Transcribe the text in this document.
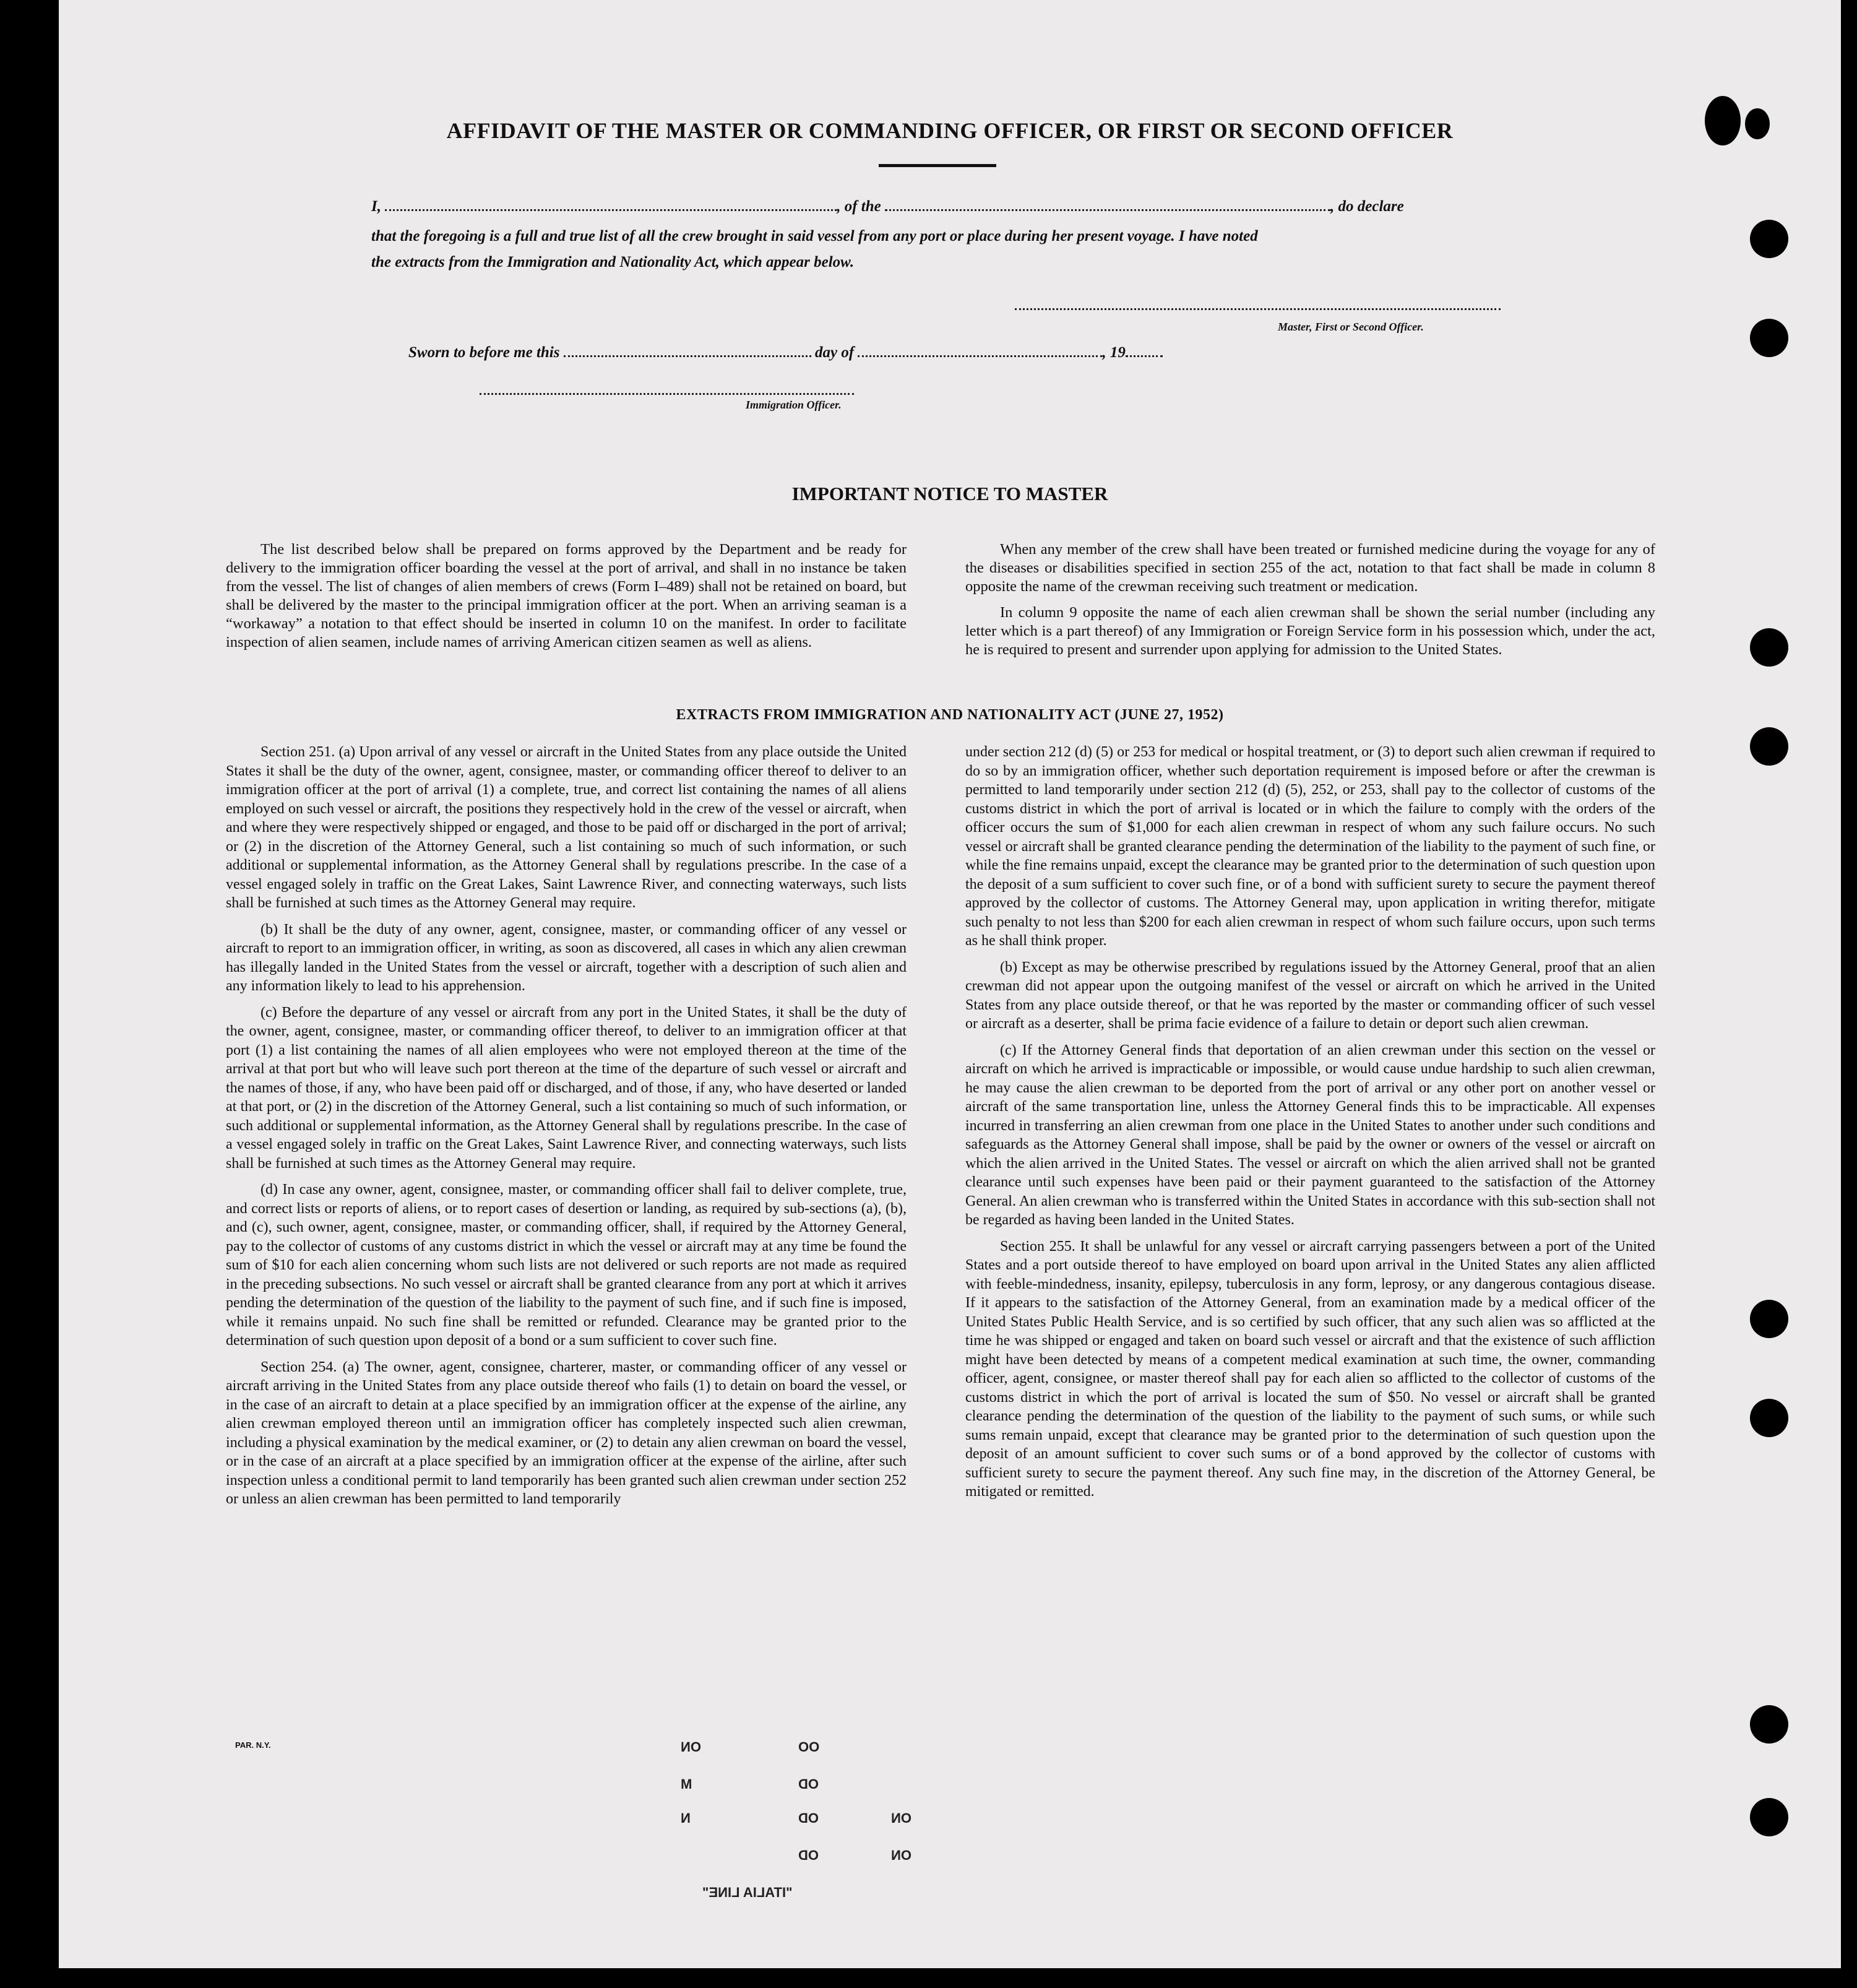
AFFIDAVIT OF THE MASTER OR COMMANDING OFFICER, OR FIRST OR SECOND OFFICER
I,	, of the	, do declare
that the foregoing is a full and true list of all the crew brought in said vessel from any port or place during her present voyage. I have noted
the extracts from the Immigration and Nationality Act, which appear below.
Master, First or Second Officer.
Sworn to before me this	day of	, 19
Immigration Officer.
IMPORTANT NOTICE TO MASTER

The list described below shall be prepared on forms approved by the Department and be ready for delivery to the immigration officer boarding the vessel at the port of arrival, and shall in no instance be taken from the vessel. The list of changes of alien members of crews (Form I–489) shall not be retained on board, but shall be delivered by the master to the principal immigration officer at the port. When an arriving seaman is a “workaway” a notation to that effect should be inserted in column 10 on the manifest. In order to facilitate inspection of alien seamen, include names of arriving American citizen seamen as well as aliens.

When any member of the crew shall have been treated or furnished medicine during the voyage for any of the diseases or disabilities specified in section 255 of the act, notation to that fact shall be made in column 8 opposite the name of the crewman receiving such treatment or medication.

In column 9 opposite the name of each alien crewman shall be shown the serial number (including any letter which is a part thereof) of any Immigration or Foreign Service form in his possession which, under the act, he is required to present and surrender upon applying for admission to the United States.

EXTRACTS FROM IMMIGRATION AND NATIONALITY ACT (JUNE 27, 1952)

Section 251. (a) Upon arrival of any vessel or aircraft in the United States from any place outside the United States it shall be the duty of the owner, agent, consignee, master, or commanding officer thereof to deliver to an immigration officer at the port of arrival (1) a complete, true, and correct list containing the names of all aliens employed on such vessel or aircraft, the positions they respectively hold in the crew of the vessel or aircraft, when and where they were respectively shipped or engaged, and those to be paid off or discharged in the port of arrival; or (2) in the discretion of the Attorney General, such a list containing so much of such information, or such additional or supplemental information, as the Attorney General shall by regulations prescribe. In the case of a vessel engaged solely in traffic on the Great Lakes, Saint Lawrence River, and connecting waterways, such lists shall be furnished at such times as the Attorney General may require.

(b) It shall be the duty of any owner, agent, consignee, master, or commanding officer of any vessel or aircraft to report to an immigration officer, in writing, as soon as discovered, all cases in which any alien crewman has illegally landed in the United States from the vessel or aircraft, together with a description of such alien and any information likely to lead to his apprehension.

(c) Before the departure of any vessel or aircraft from any port in the United States, it shall be the duty of the owner, agent, consignee, master, or commanding officer thereof, to deliver to an immigration officer at that port (1) a list containing the names of all alien employees who were not employed thereon at the time of the arrival at that port but who will leave such port thereon at the time of the departure of such vessel or aircraft and the names of those, if any, who have been paid off or discharged, and of those, if any, who have deserted or landed at that port, or (2) in the discretion of the Attorney General, such a list containing so much of such information, or such additional or supplemental information, as the Attorney General shall by regulations prescribe. In the case of a vessel engaged solely in traffic on the Great Lakes, Saint Lawrence River, and connecting waterways, such lists shall be furnished at such times as the Attorney General may require.

(d) In case any owner, agent, consignee, master, or commanding officer shall fail to deliver complete, true, and correct lists or reports of aliens, or to report cases of desertion or landing, as required by sub-sections (a), (b), and (c), such owner, agent, consignee, master, or commanding officer, shall, if required by the Attorney General, pay to the collector of customs of any customs district in which the vessel or aircraft may at any time be found the sum of $10 for each alien concerning whom such lists are not delivered or such reports are not made as required in the preceding subsections. No such vessel or aircraft shall be granted clearance from any port at which it arrives pending the determination of the question of the liability to the payment of such fine, and if such fine is imposed, while it remains unpaid. No such fine shall be remitted or refunded. Clearance may be granted prior to the determination of such question upon deposit of a bond or a sum sufficient to cover such fine.

Section 254. (a) The owner, agent, consignee, charterer, master, or commanding officer of any vessel or aircraft arriving in the United States from any place outside thereof who fails (1) to detain on board the vessel, or in the case of an aircraft to detain at a place specified by an immigration officer at the expense of the airline, any alien crewman employed thereon until an immigration officer has completely inspected such alien crewman, including a physical examination by the medical examiner, or (2) to detain any alien crewman on board the vessel, or in the case of an aircraft at a place specified by an immigration officer at the expense of the airline, after such inspection unless a conditional permit to land temporarily has been granted such alien crewman under section 252 or unless an alien crewman has been permitted to land temporarily

under section 212 (d) (5) or 253 for medical or hospital treatment, or (3) to deport such alien crewman if required to do so by an immigration officer, whether such deportation requirement is imposed before or after the crewman is permitted to land temporarily under section 212 (d) (5), 252, or 253, shall pay to the collector of customs of the customs district in which the port of arrival is located or in which the failure to comply with the orders of the officer occurs the sum of $1,000 for each alien crewman in respect of whom any such failure occurs. No such vessel or aircraft shall be granted clearance pending the determination of the liability to the payment of such fine, or while the fine remains unpaid, except the clearance may be granted prior to the determination of such question upon the deposit of a sum sufficient to cover such fine, or of a bond with sufficient surety to secure the payment thereof approved by the collector of customs. The Attorney General may, upon application in writing therefor, mitigate such penalty to not less than $200 for each alien crewman in respect of whom such failure occurs, upon such terms as he shall think proper.

(b) Except as may be otherwise prescribed by regulations issued by the Attorney General, proof that an alien crewman did not appear upon the outgoing manifest of the vessel or aircraft on which he arrived in the United States from any place outside thereof, or that he was reported by the master or commanding officer of such vessel or aircraft as a deserter, shall be prima facie evidence of a failure to detain or deport such alien crewman.

(c) If the Attorney General finds that deportation of an alien crewman under this section on the vessel or aircraft on which he arrived is impracticable or impossible, or would cause undue hardship to such alien crewman, he may cause the alien crewman to be deported from the port of arrival or any other port on another vessel or aircraft of the same transportation line, unless the Attorney General finds this to be impracticable. All expenses incurred in transferring an alien crewman from one place in the United States to another under such conditions and safeguards as the Attorney General shall impose, shall be paid by the owner or owners of the vessel or aircraft on which the alien arrived in the United States. The vessel or aircraft on which the alien arrived shall not be granted clearance until such expenses have been paid or their payment guaranteed to the satisfaction of the Attorney General. An alien crewman who is transferred within the United States in accordance with this sub-section shall not be regarded as having been landed in the United States.

Section 255. It shall be unlawful for any vessel or aircraft carrying passengers between a port of the United States and a port outside thereof to have employed on board upon arrival in the United States any alien afflicted with feeble-mindedness, insanity, epilepsy, tuberculosis in any form, leprosy, or any dangerous contagious disease. If it appears to the satisfaction of the Attorney General, from an examination made by a medical officer of the United States Public Health Service, and is so certified by such officer, that any such alien was so afflicted at the time he was shipped or engaged and taken on board such vessel or aircraft and that the existence of such affliction might have been detected by means of a competent medical examination at such time, the owner, commanding officer, agent, consignee, or master thereof shall pay for each alien so afflicted to the collector of customs of the customs district in which the port of arrival is located the sum of $50. No vessel or aircraft shall be granted clearance pending the determination of the question of the liability to the payment of such sums, or while such sums remain unpaid, except that clearance may be granted prior to the determination of such question upon the deposit of an amount sufficient to cover such sums or of a bond approved by the collector of customs with sufficient surety to secure the payment thereof. Any such fine may, in the discretion of the Attorney General, be mitigated or remitted.

PAR. N.Y.	ON	OO
M	OD
N	OD	ON
OD	ON
"ITALIA LINE"
